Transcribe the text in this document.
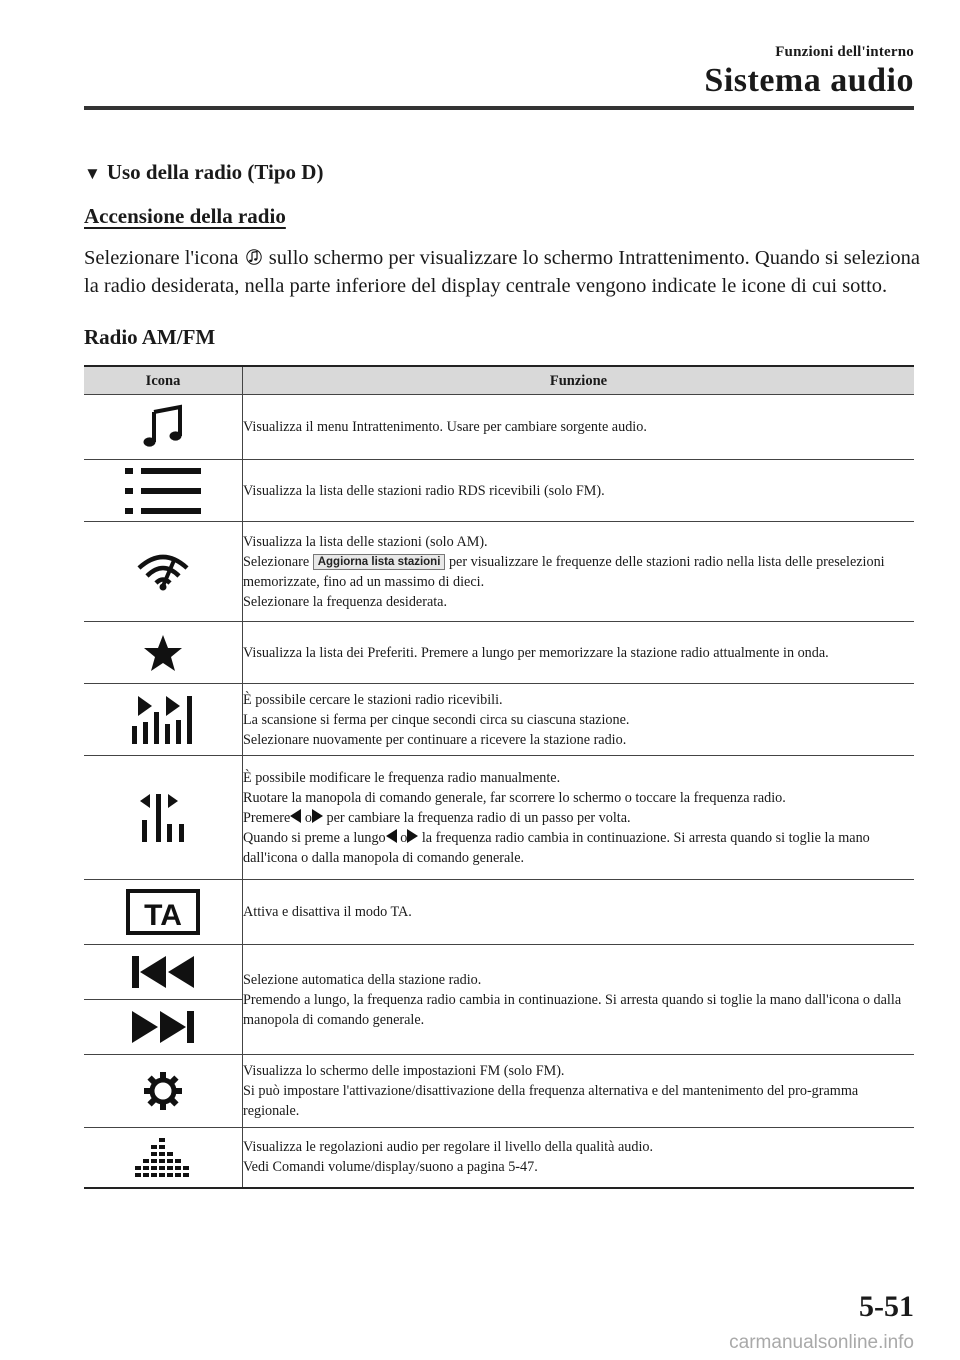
Funzioni dell'interno
Sistema audio
▼ Uso della radio (Tipo D)
Accensione della radio
Selezionare l'icona sullo schermo per visualizzare lo schermo Intrattenimento. Quando si seleziona la radio desiderata, nella parte inferiore del display centrale vengono indicate le icone di cui sotto.
Radio AM/FM
Icona	Funzione

Visualizza il menu Intrattenimento. Usare per cambiare sorgente audio.

Visualizza la lista delle stazioni radio RDS ricevibili (solo FM).

Visualizza la lista delle stazioni (solo AM).
Selezionare Aggiorna lista stazioni per visualizzare le frequenze delle stazioni radio nella lista delle preselezioni memorizzate, fino ad un massimo di dieci.
Selezionare la frequenza desiderata.

Visualizza la lista dei Preferiti. Premere a lungo per memorizzare la stazione radio attualmente in onda.

È possibile cercare le stazioni radio ricevibili.
La scansione si ferma per cinque secondi circa su ciascuna stazione.
Selezionare nuovamente per continuare a ricevere la stazione radio.

È possibile modificare le frequenza radio manualmente.
Ruotare la manopola di comando generale, far scorrere lo schermo o toccare la frequenza radio.
Premere o per cambiare la frequenza radio di un passo per volta.
Quando si preme a lungo o la frequenza radio cambia in continuazione. Si arresta quando si toglie la mano dall'icona o dalla manopola di comando generale.

TA	Attiva e disattiva il modo TA.

Selezione automatica della stazione radio.
Premendo a lungo, la frequenza radio cambia in continuazione. Si arresta quando si toglie la mano dall'icona o dalla manopola di comando generale.

Visualizza lo schermo delle impostazioni FM (solo FM).
Si può impostare l'attivazione/disattivazione della frequenza alternativa e del mantenimento del pro-gramma regionale.

Visualizza le regolazioni audio per regolare il livello della qualità audio.
Vedi Comandi volume/display/suono a pagina 5-47.
5-51
carmanualsonline.info
